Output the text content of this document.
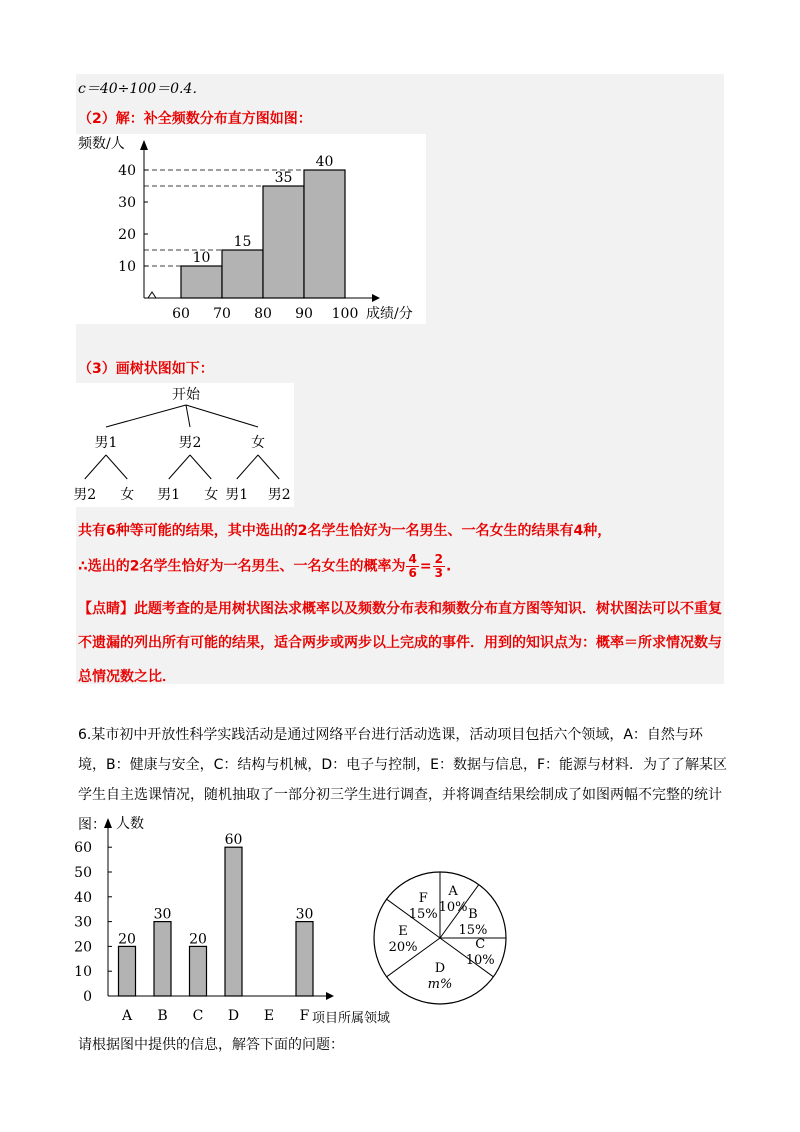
c＝40÷100＝0.4．
（2）解：补全频数分布直方图如图：
频数/人
成绩/分
10
20
30
40
60 70 80 90 100
10
15
35
40
（3）画树状图如下：
开始
男1
男2 女
男2
男1 女
女
男1 男2
共有6种等可能的结果，其中选出的2名学生恰好为一名男生、一名女生的结果有4种，
∴选出的2名学生恰好为一名男生、一名女生的概率为 $\frac{4}{6} = \frac{2}{3}$ .
【点睛】此题考查的是用树状图法求概率以及频数分布表和频数分布直方图等知识．树状图法可以不重复不遗漏的列出所有可能的结果，适合两步或两步以上完成的事件．用到的知识点为：概率＝所求情况数与总情况数之比．
6.某市初中开放性科学实践活动是通过网络平台进行活动选课，活动项目包括六个领域，A：自然与环境，B：健康与安全，C：结构与机械，D：电子与控制，E：数据与信息，F：能源与材料．为了了解某区学生自主选课情况，随机抽取了一部分初三学生进行调查，并将调查结果绘制成了如图两幅不完整的统计图： 人数
项目所属领域
0
10
20
30
40
50
60
A
20
B
30
C
20
D
60
E F
30
A
10% B
15%
C
10%
D
m%
E
20%
F
15%
请根据图中提供的信息，解答下面的问题：
